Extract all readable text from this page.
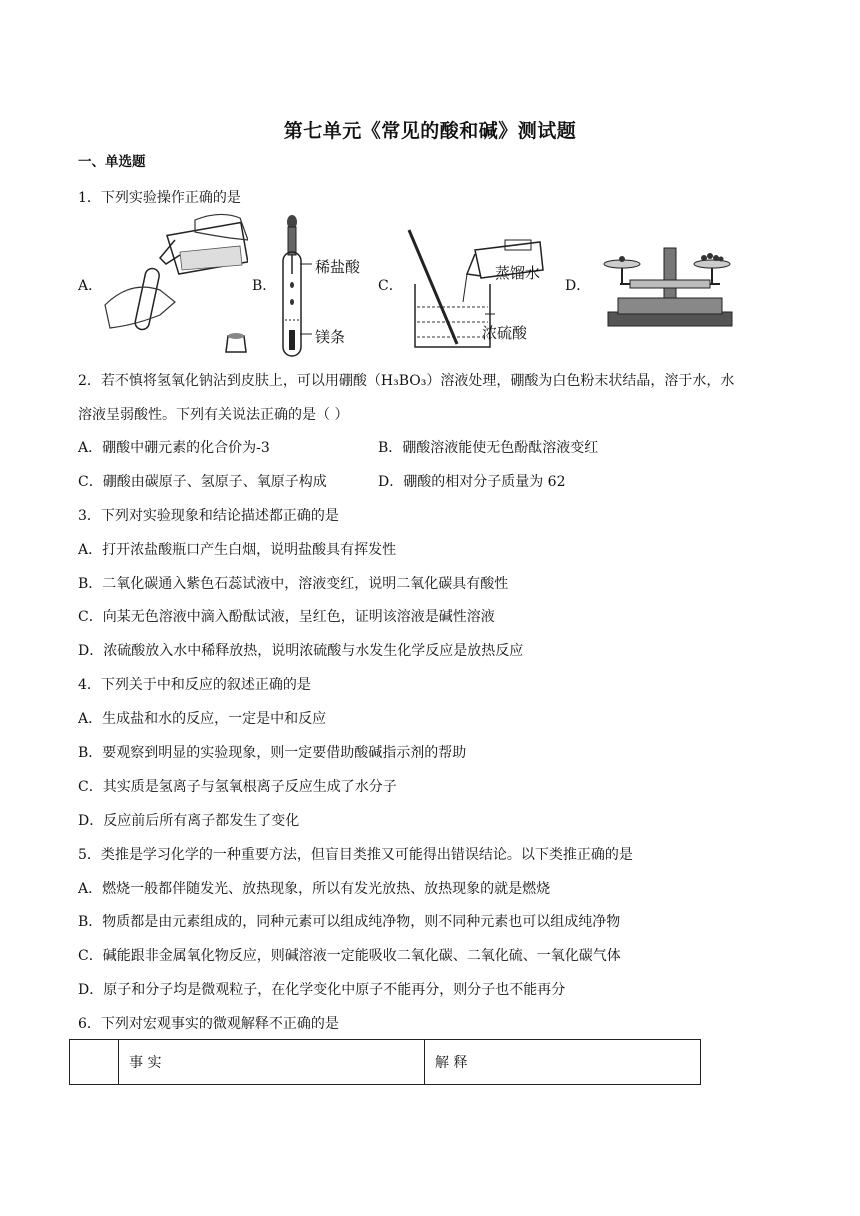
第七单元《常见的酸和碱》测试题
一、单选题
1．下列实验操作正确的是
A．	B．
稀盐酸
镁条
C．
蒸馏水
浓硫酸
D．
2．若不慎将氢氧化钠沾到皮肤上，可以用硼酸（H₃BO₃）溶液处理，硼酸为白色粉末状结晶，溶于水，水
溶液呈弱酸性。下列有关说法正确的是（ ）
A．硼酸中硼元素的化合价为-3	B．硼酸溶液能使无色酚酞溶液变红
C．硼酸由碳原子、氢原子、氧原子构成	D．硼酸的相对分子质量为 62
3．下列对实验现象和结论描述都正确的是
A．打开浓盐酸瓶口产生白烟，说明盐酸具有挥发性
B．二氧化碳通入紫色石蕊试液中，溶液变红，说明二氧化碳具有酸性
C．向某无色溶液中滴入酚酞试液，呈红色，证明该溶液是碱性溶液
D．浓硫酸放入水中稀释放热，说明浓硫酸与水发生化学反应是放热反应
4．下列关于中和反应的叙述正确的是
A．生成盐和水的反应，一定是中和反应
B．要观察到明显的实验现象，则一定要借助酸碱指示剂的帮助
C．其实质是氢离子与氢氧根离子反应生成了水分子
D．反应前后所有离子都发生了变化
5．类推是学习化学的一种重要方法，但盲目类推又可能得出错误结论。以下类推正确的是
A．燃烧一般都伴随发光、放热现象，所以有发光放热、放热现象的就是燃烧
B．物质都是由元素组成的，同种元素可以组成纯净物，则不同种元素也可以组成纯净物
C．碱能跟非金属氧化物反应，则碱溶液一定能吸收二氧化碳、二氧化硫、一氧化碳气体
D．原子和分子均是微观粒子，在化学变化中原子不能再分，则分子也不能再分
6．下列对宏观事实的微观解释不正确的是
	事 实	解 释
